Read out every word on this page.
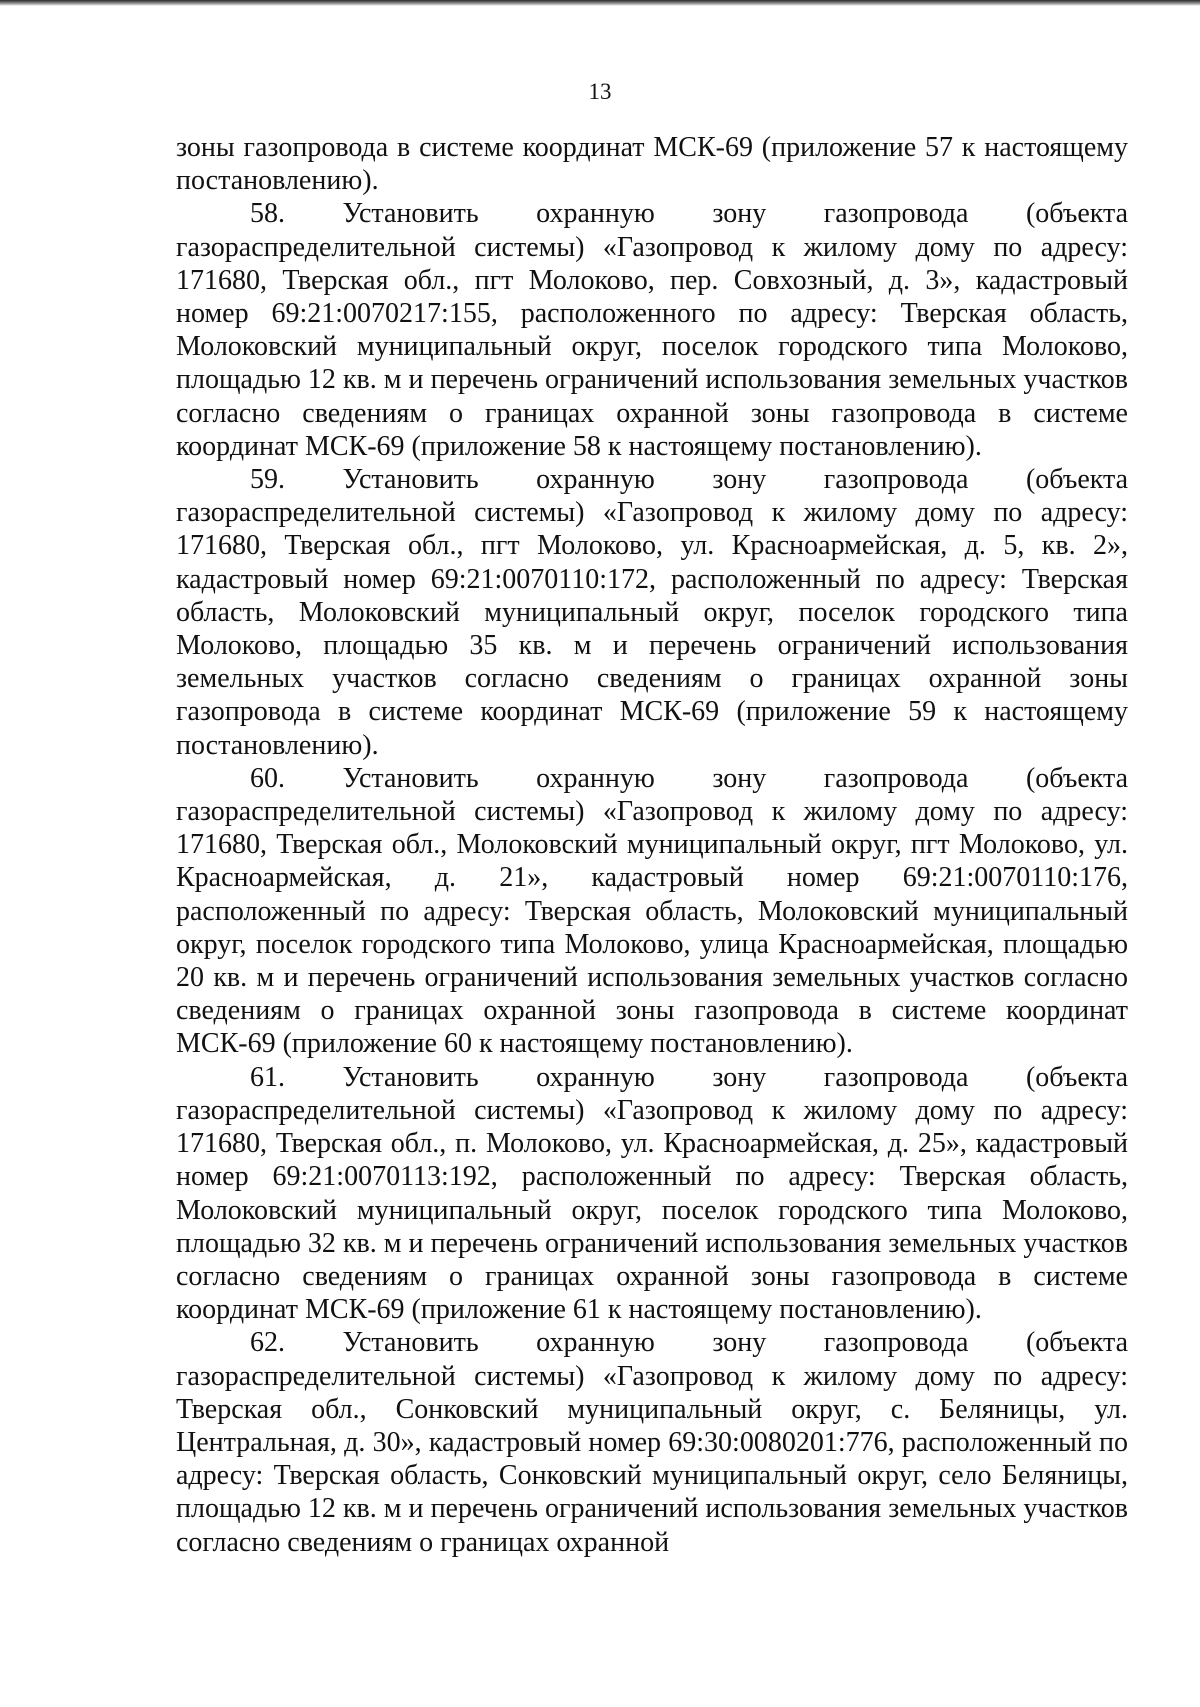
13

зоны газопровода в системе координат МСК-69 (приложение 57 к настоящему постановлению).

58. Установить охранную зону газопровода (объекта газораспределительной системы) «Газопровод к жилому дому по адресу: 171680, Тверская обл., пгт Молоково, пер. Совхозный, д. 3», кадастровый номер 69:21:0070217:155, расположенного по адресу: Тверская область, Молоковский муниципальный округ, поселок городского типа Молоково, площадью 12 кв. м и перечень ограничений использования земельных участков согласно сведениям о границах охранной зоны газопровода в системе координат МСК-69 (приложение 58 к настоящему постановлению).

59. Установить охранную зону газопровода (объекта газораспределительной системы) «Газопровод к жилому дому по адресу: 171680, Тверская обл., пгт Молоково, ул. Красноармейская, д. 5, кв. 2», кадастровый номер 69:21:0070110:172, расположенный по адресу: Тверская область, Молоковский муниципальный округ, поселок городского типа Молоково, площадью 35 кв. м и перечень ограничений использования земельных участков согласно сведениям о границах охранной зоны газопровода в системе координат МСК-69 (приложение 59 к настоящему постановлению).

60. Установить охранную зону газопровода (объекта газораспределительной системы) «Газопровод к жилому дому по адресу: 171680, Тверская обл., Молоковский муниципальный округ, пгт Молоково, ул. Красноармейская, д. 21», кадастровый номер 69:21:0070110:176, расположенный по адресу: Тверская область, Молоковский муниципальный округ, поселок городского типа Молоково, улица Красноармейская, площадью 20 кв. м и перечень ограничений использования земельных участков согласно сведениям о границах охранной зоны газопровода в системе координат МСК-69 (приложение 60 к настоящему постановлению).

61. Установить охранную зону газопровода (объекта газораспределительной системы) «Газопровод к жилому дому по адресу: 171680, Тверская обл., п. Молоково, ул. Красноармейская, д. 25», кадастровый номер 69:21:0070113:192, расположенный по адресу: Тверская область, Молоковский муниципальный округ, поселок городского типа Молоково, площадью 32 кв. м и перечень ограничений использования земельных участков согласно сведениям о границах охранной зоны газопровода в системе координат МСК-69 (приложение 61 к настоящему постановлению).

62. Установить охранную зону газопровода (объекта газораспределительной системы) «Газопровод к жилому дому по адресу: Тверская обл., Сонковский муниципальный округ, с. Беляницы, ул. Центральная, д. 30», кадастровый номер 69:30:0080201:776, расположенный по адресу: Тверская область, Сонковский муниципальный округ, село Беляницы, площадью 12 кв. м и перечень ограничений использования земельных участков согласно сведениям о границах охранной
